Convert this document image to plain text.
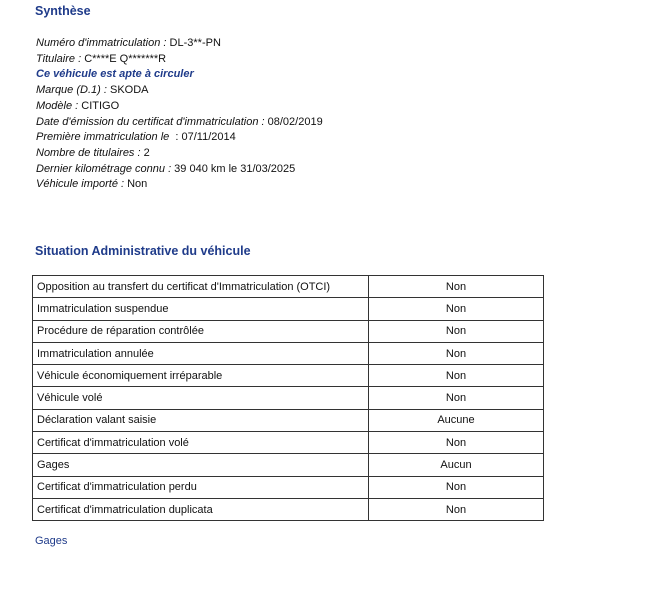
Synthèse
Numéro d'immatriculation : DL-3**-PN
Titulaire : C****E Q*******R
Ce véhicule est apte à circuler
Marque (D.1) : SKODA
Modèle : CITIGO
Date d'émission du certificat d'immatriculation : 08/02/2019
Première immatriculation le  : 07/11/2014
Nombre de titulaires : 2
Dernier kilométrage connu : 39 040 km le 31/03/2025
Véhicule importé : Non
Situation Administrative du véhicule
Opposition au transfert du certificat d'Immatriculation (OTCI)	Non
Immatriculation suspendue	Non
Procédure de réparation contrôlée	Non
Immatriculation annulée	Non
Véhicule économiquement irréparable	Non
Véhicule volé	Non
Déclaration valant saisie	Aucune
Certificat d'immatriculation volé	Non
Gages	Aucun
Certificat d'immatriculation perdu	Non
Certificat d'immatriculation duplicata	Non
Gages
